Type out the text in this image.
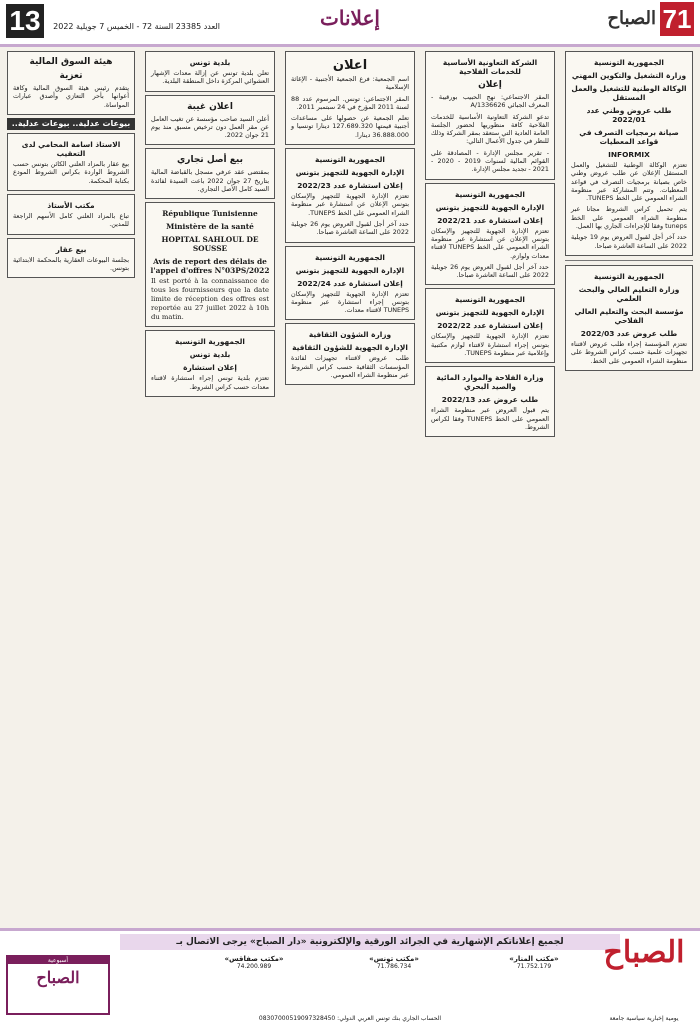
13	العدد 23385 السنة 72 - الخميس 7 جويلية 2022	إعلانات	71
الصباح
الجمهورية التونسية
وزارة التشغيل والتكوين المهني
الوكالة الوطنية للتشغيل والعمل المستقل
طلب عروض وطني عدد 2022/01
صيانة برمجيات التصرف في قواعد المعطيات
INFORMIX

تعتزم الوكالة الوطنية للتشغيل والعمل المستقل الإعلان عن طلب عروض وطني خاص بصيانة برمجيات التصرف في قواعد المعطيات. وتتم المشاركة عبر منظومة الشراء العمومي على الخط TUNEPS.

يتم تحميل كراس الشروط مجانا عبر منظومة الشراء العمومي على الخط tuneps وفقا للإجراءات الجاري بها العمل.

حدد آخر أجل لقبول العروض يوم 19 جويلية 2022 على الساعة العاشرة صباحا.

الجمهورية التونسية
وزارة التعليم العالي والبحث العلمي
مؤسسة البحث والتعليم العالي الفلاحي
طلب عروض عدد 2022/03

تعتزم المؤسسة إجراء طلب عروض لاقتناء تجهيزات علمية حسب كراس الشروط على منظومة الشراء العمومي على الخط.

الشركة التعاونية الأساسية للخدمات الفلاحية
إعلان

المقر الاجتماعي: نهج الحبيب بورقيبة - المعرف الجبائي 1336626/A

تدعو الشركة التعاونية الأساسية للخدمات الفلاحية كافة منظوريها لحضور الجلسة العامة العادية التي ستعقد بمقر الشركة وذلك للنظر في جدول الأعمال التالي:

- تقرير مجلس الإدارة - المصادقة على القوائم المالية لسنوات 2019 - 2020 - 2021 - تجديد مجلس الإدارة.

الجمهورية التونسية
الإدارة الجهوية للتجهيز بتونس
إعلان استشارة عدد 2022/21

تعتزم الإدارة الجهوية للتجهيز والإسكان بتونس الإعلان عن استشارة عبر منظومة الشراء العمومي على الخط TUNEPS لاقتناء معدات ولوازم.

حدد آخر أجل لقبول العروض يوم 26 جويلية 2022 على الساعة العاشرة صباحا.

الجمهورية التونسية
الإدارة الجهوية للتجهيز بتونس
إعلان استشارة عدد 2022/22

تعتزم الإدارة الجهوية للتجهيز والإسكان بتونس إجراء استشارة لاقتناء لوازم مكتبية وإعلامية عبر منظومة TUNEPS.

وزارة الفلاحة والموارد المائية والصيد البحري
طلب عروض عدد 2022/13

يتم قبول العروض عبر منظومة الشراء العمومي على الخط TUNEPS وفقا لكراس الشروط.

اعلان

اسم الجمعية: فرع الجمعية الأجنبية - الإغاثة الإسلامية

المقر الاجتماعي: تونس. المرسوم عدد 88 لسنة 2011 المؤرخ في 24 سبتمبر 2011.

تعلم الجمعية عن حصولها على مساعدات أجنبية قيمتها 127.689.320 دينارا تونسيا و 36.888.000 دينارا.

الجمهورية التونسية
الإدارة الجهوية للتجهيز بتونس
إعلان استشارة عدد 2022/23

تعتزم الإدارة الجهوية للتجهيز والإسكان بتونس الإعلان عن استشارة عبر منظومة الشراء العمومي على الخط TUNEPS.

حدد آخر أجل لقبول العروض يوم 26 جويلية 2022 على الساعة العاشرة صباحا.

الجمهورية التونسية
الإدارة الجهوية للتجهيز بتونس
إعلان استشارة عدد 2022/24

تعتزم الإدارة الجهوية للتجهيز والإسكان بتونس إجراء استشارة عبر منظومة TUNEPS لاقتناء معدات.

وزارة الشؤون الثقافية
الإدارة الجهوية للشؤون الثقافية

طلب عروض لاقتناء تجهيزات لفائدة المؤسسات الثقافية حسب كراس الشروط عبر منظومة الشراء العمومي.

بلدية تونس

تعلن بلدية تونس عن إزالة معدات الإشهار العشوائي المركزة داخل المنطقة البلدية.

اعلان غيبة

أعلن السيد صاحب مؤسسة عن تغيب العامل عن مقر العمل دون ترخيص مسبق منذ يوم 21 جوان 2022.

بيع أصل تجاري

بمقتضى عقد عرفي مسجل بالقباضة المالية بتاريخ 27 جوان 2022 باعت السيدة لفائدة السيد كامل الأصل التجاري.

République Tunisienne
Ministère de la santé
HOPITAL SAHLOUL DE SOUSSE
Avis de report des délais de l'appel d'offres N°03PS/2022

Il est porté à la connaissance de tous les fournisseurs que la date limite de réception des offres est reportée au 27 juillet 2022 à 10h du matin.

الجمهورية التونسية
بلدية تونس
إعلان استشارة

تعتزم بلدية تونس إجراء استشارة لاقتناء معدات حسب كراس الشروط.

هيئة السوق المالية
تعزية

يتقدم رئيس هيئة السوق المالية وكافة أعوانها بأحر التعازي وأصدق عبارات المواساة.

بيوعات عدلية.. بيوعات عدلية..
الاستاذ اسامة المحامي لدى التعقيب

بيع عقار بالمزاد العلني الكائن بتونس حسب الشروط الواردة بكراس الشروط المودع بكتابة المحكمة.

مكتب الأستاذ

تباع بالمزاد العلني كامل الأسهم الراجعة للمدين.

بيع عقار

بجلسة البيوعات العقارية بالمحكمة الابتدائية بتونس.

لجميع إعلاناتكم الإشهارية في الجرائد الورقية والإلكترونية «دار الصباح» يرجى الاتصال بـ	الصباح
يومية إخبارية سياسية جامعة
«مكتب المنار»
71.752.179
«مكتب تونس»
71.786.734
«مكتب صفاقس»
74.200.989
أسبوعية
الصباح
الحساب الجاري بنك تونس العربي الدولي: 08307000519097328450
